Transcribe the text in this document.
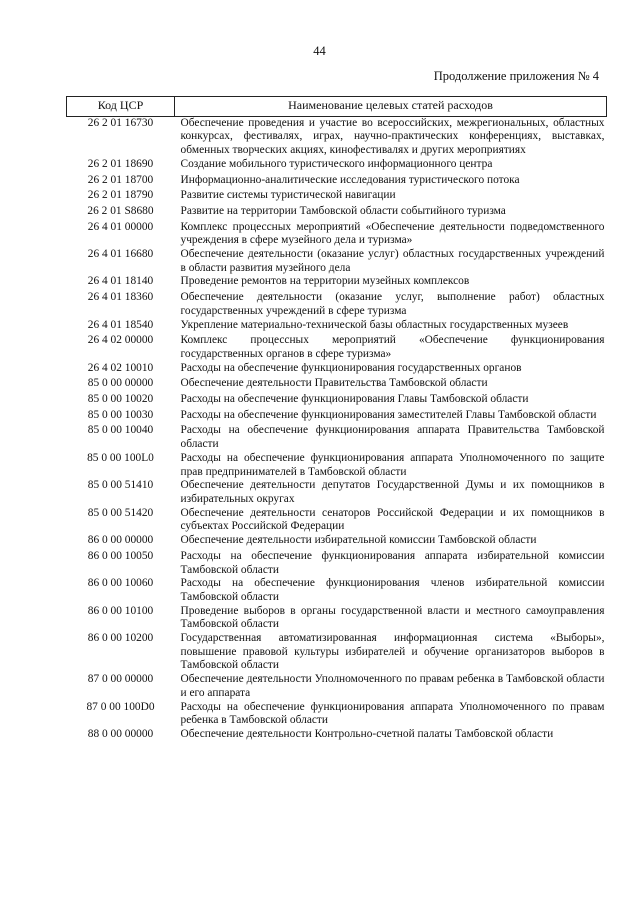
44
Продолжение приложения № 4
Код ЦСР	Наименование целевых статей расходов
26 2 01 16730	Обеспечение проведения и участие во всероссийских, межрегиональных, областных конкурсах, фестивалях, играх, научно-практических конференциях, выставках, обменных творческих акциях, кинофестивалях и других мероприятиях
26 2 01 18690	Создание мобильного туристического информационного центра
26 2 01 18700	Информационно-аналитические исследования туристического потока
26 2 01 18790	Развитие системы туристической навигации
26 2 01 S8680	Развитие на территории Тамбовской области событийного туризма
26 4 01 00000	Комплекс процессных мероприятий «Обеспечение деятельности подведомственного учреждения в сфере музейного дела и туризма»
26 4 01 16680	Обеспечение деятельности (оказание услуг) областных государственных учреждений в области развития музейного дела
26 4 01 18140	Проведение ремонтов на территории музейных комплексов
26 4 01 18360	Обеспечение деятельности (оказание услуг, выполнение работ) областных государственных учреждений в сфере туризма
26 4 01 18540	Укрепление материально-технической базы областных государственных музеев
26 4 02 00000	Комплекс процессных мероприятий «Обеспечение функционирования государственных органов в сфере туризма»
26 4 02 10010	Расходы на обеспечение функционирования государственных органов
85 0 00 00000	Обеспечение деятельности Правительства Тамбовской области
85 0 00 10020	Расходы на обеспечение функционирования Главы Тамбовской области
85 0 00 10030	Расходы на обеспечение функционирования заместителей Главы Тамбовской области
85 0 00 10040	Расходы на обеспечение функционирования аппарата Правительства Тамбовской области
85 0 00 100L0	Расходы на обеспечение функционирования аппарата Уполномоченного по защите прав предпринимателей в Тамбовской области
85 0 00 51410	Обеспечение деятельности депутатов Государственной Думы и их помощников в избирательных округах
85 0 00 51420	Обеспечение деятельности сенаторов Российской Федерации и их помощников в субъектах Российской Федерации
86 0 00 00000	Обеспечение деятельности избирательной комиссии Тамбовской области
86 0 00 10050	Расходы на обеспечение функционирования аппарата избирательной комиссии Тамбовской области
86 0 00 10060	Расходы на обеспечение функционирования членов избирательной комиссии Тамбовской области
86 0 00 10100	Проведение выборов в органы государственной власти и местного самоуправления Тамбовской области
86 0 00 10200	Государственная автоматизированная информационная система «Выборы», повышение правовой культуры избирателей и обучение организаторов выборов в Тамбовской области
87 0 00 00000	Обеспечение деятельности Уполномоченного по правам ребенка в Тамбовской области и его аппарата
87 0 00 100D0	Расходы на обеспечение функционирования аппарата Уполномоченного по правам ребенка в Тамбовской области
88 0 00 00000	Обеспечение деятельности Контрольно-счетной палаты Тамбовской области
